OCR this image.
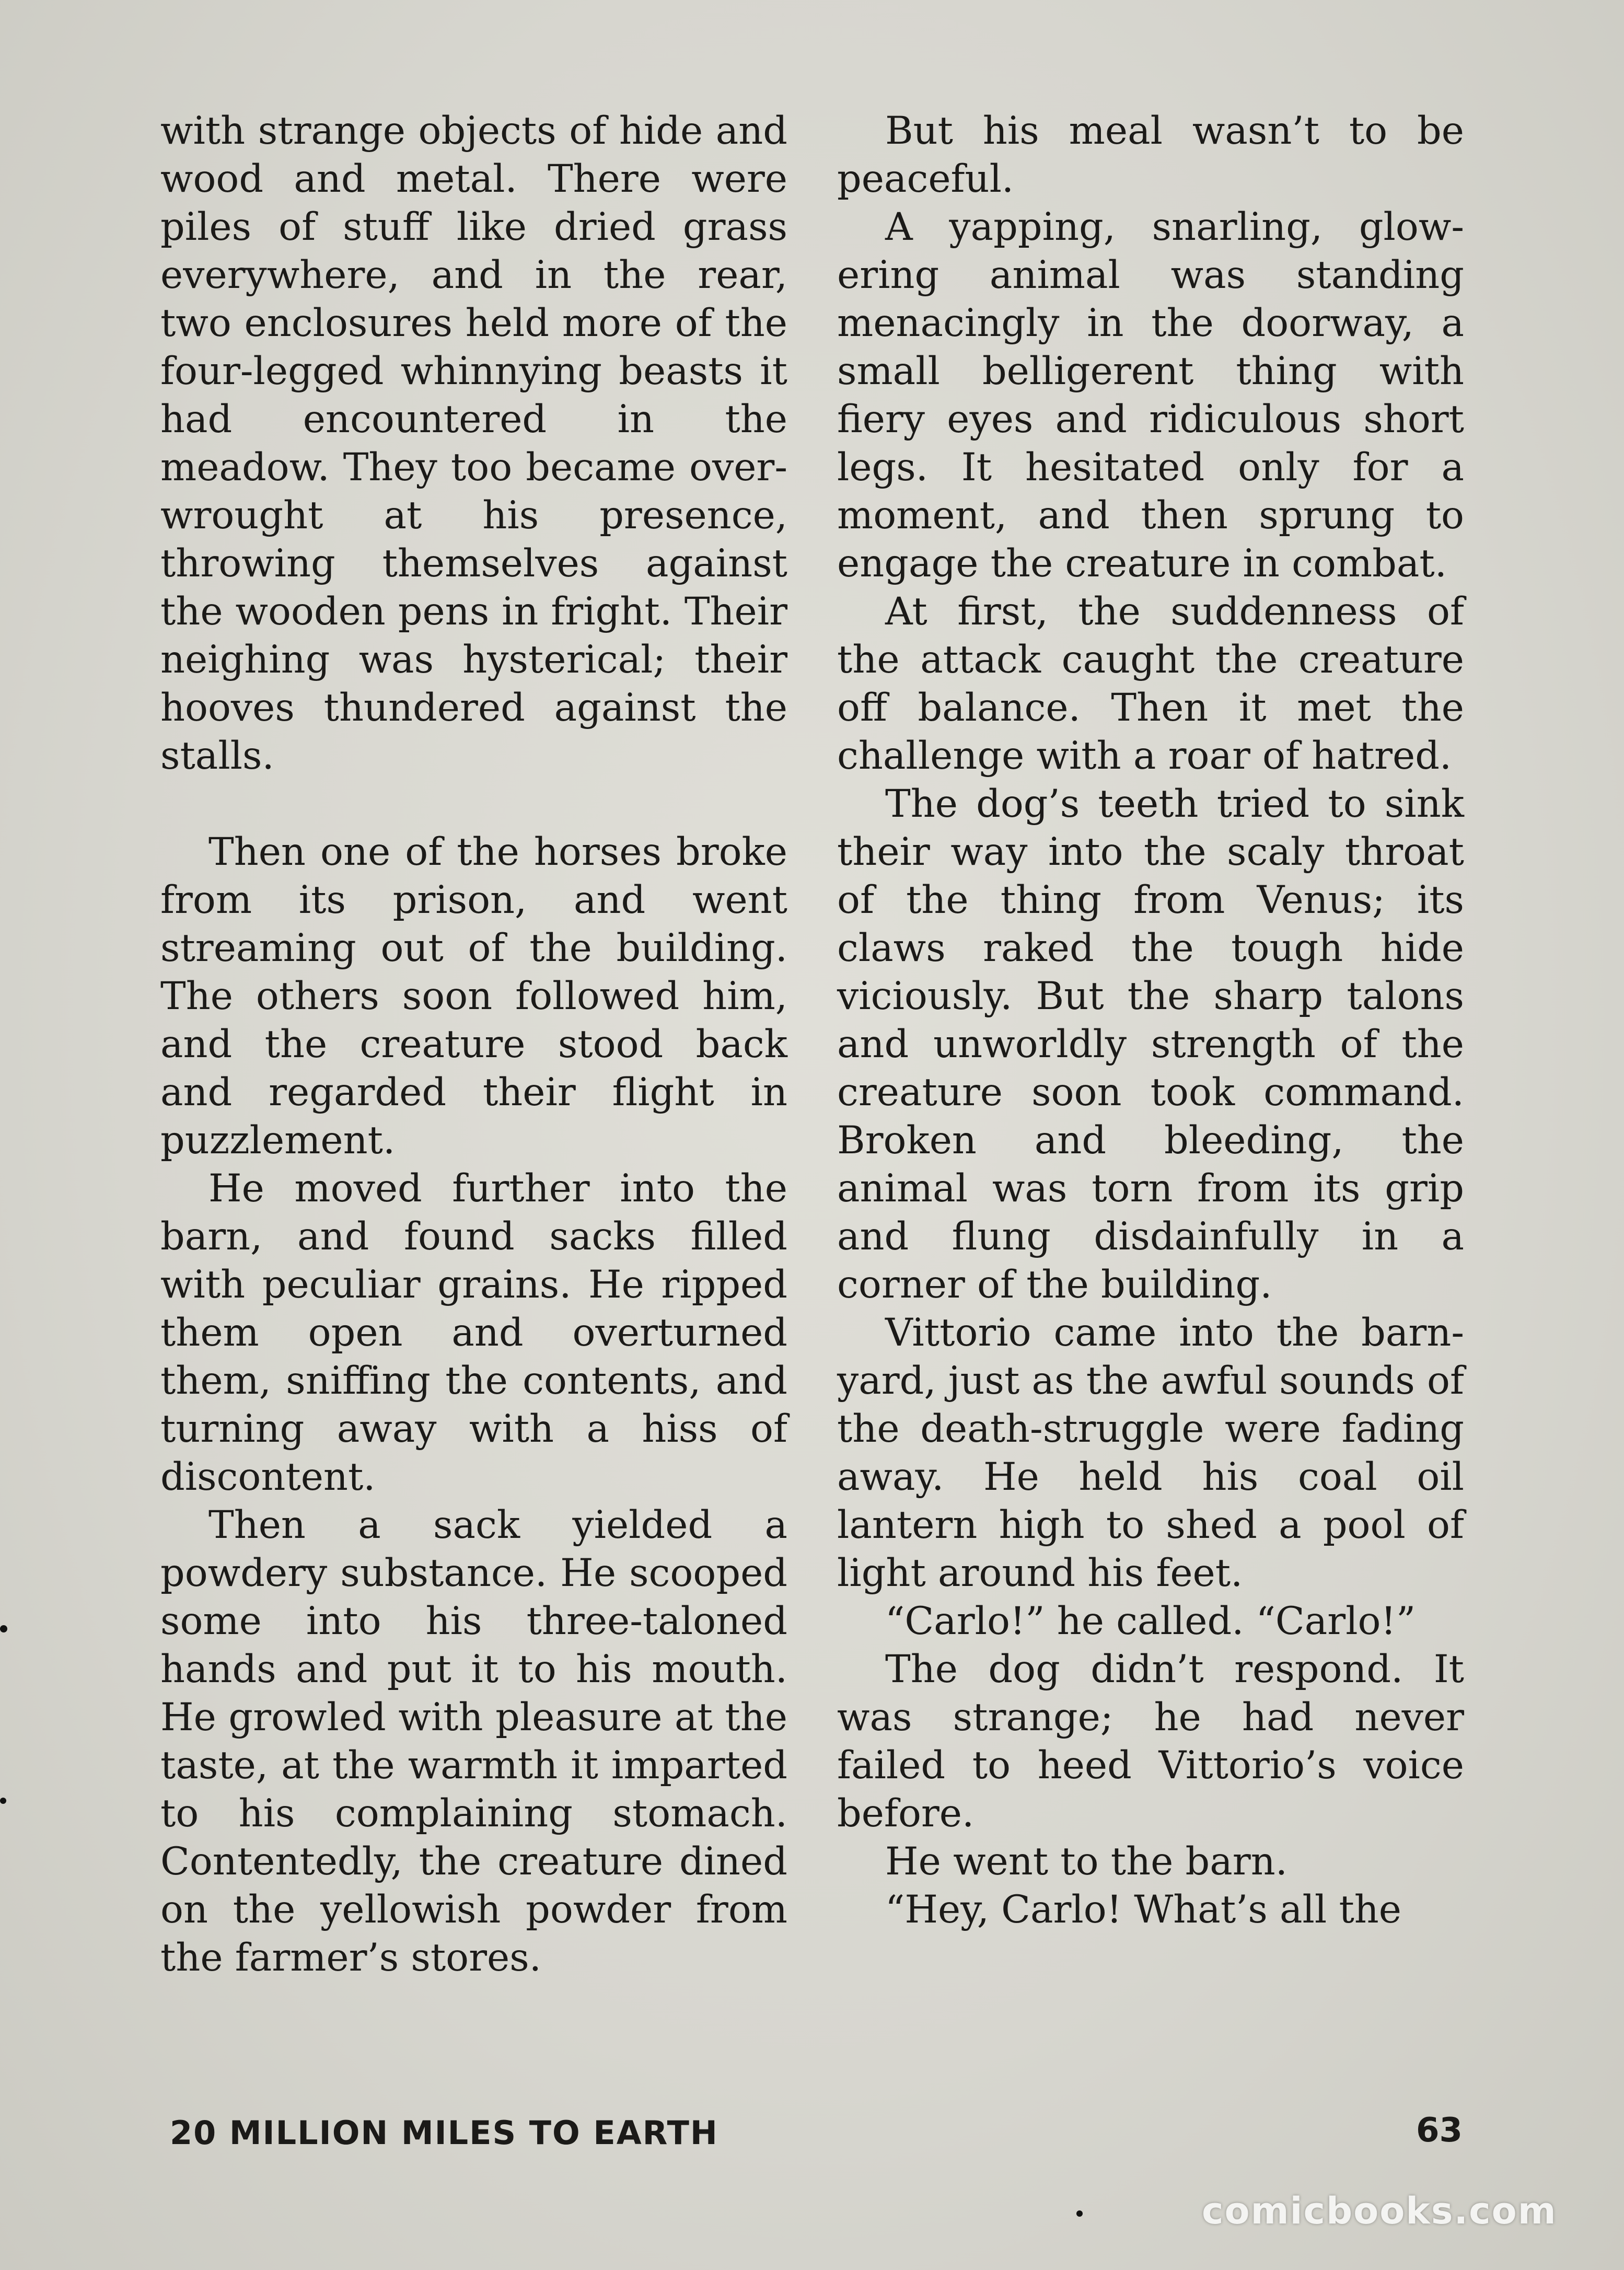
with strange objects of hide and wood and metal. There were piles of stuff like dried grass everywhere, and in the rear, two enclosures held more of the four-legged whinnying beasts it had encountered in the meadow. They too became overwrought at his presence, throwing themselves against the wooden pens in fright. Their neighing was hysterical; their hooves thundered against the stalls.

Then one of the horses broke from its prison, and went streaming out of the building. The others soon followed him, and the creature stood back and regarded their flight in puzzlement.

He moved further into the barn, and found sacks filled with peculiar grains. He ripped them open and overturned them, sniffing the contents, and turning away with a hiss of discontent.

Then a sack yielded a powdery substance. He scooped some into his three-taloned hands and put it to his mouth. He growled with pleasure at the taste, at the warmth it imparted to his complaining stomach. Contentedly, the creature dined on the yellowish powder from the farmer’s stores.

But his meal wasn’t to be peaceful.

A yapping, snarling, glowering animal was standing menacingly in the doorway, a small belligerent thing with fiery eyes and ridiculous short legs. It hesitated only for a moment, and then sprung to engage the creature in combat.

At first, the suddenness of the attack caught the creature off balance. Then it met the challenge with a roar of hatred.

The dog’s teeth tried to sink their way into the scaly throat of the thing from Venus; its claws raked the tough hide viciously. But the sharp talons and unworldly strength of the creature soon took command. Broken and bleeding, the animal was torn from its grip and flung disdainfully in a corner of the building.

Vittorio came into the barnyard, just as the awful sounds of the death-struggle were fading away. He held his coal oil lantern high to shed a pool of light around his feet.

“Carlo!” he called. “Carlo!”

The dog didn’t respond. It was strange; he had never failed to heed Vittorio’s voice before.

He went to the barn.

“Hey, Carlo! What’s all the

20 MILLION MILES TO EARTH	63
comicbooks.com
